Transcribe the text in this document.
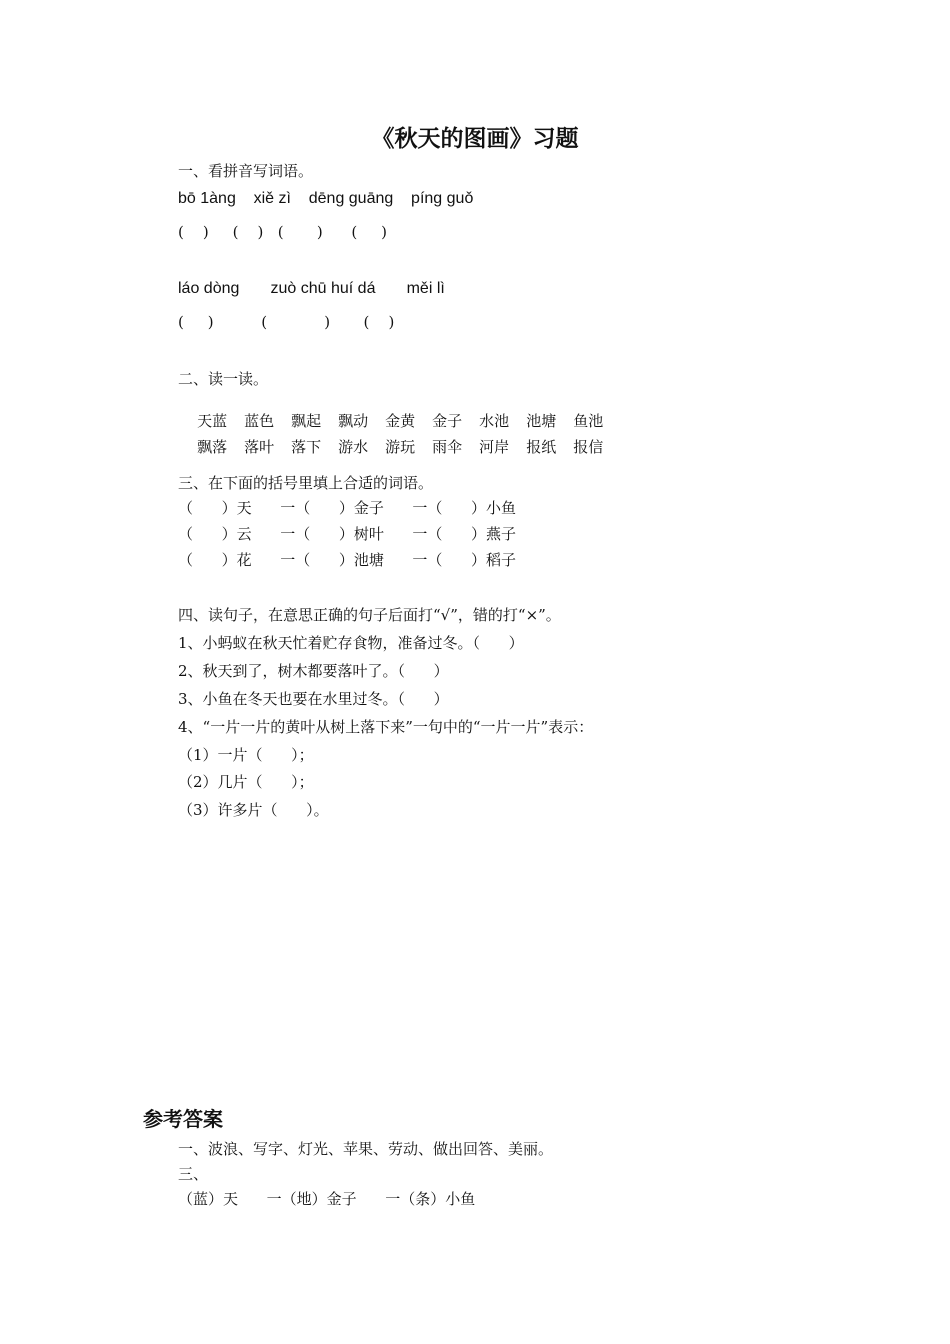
《秋天的图画》习题
一、看拼音写词语。
bō 1àng    xiě zì    dēng guāng    píng guǒ
(    )     (    )   (       )      (     )
láo dòng       zuò chū huí dá       měi lì
(     )          (            )       (    )
二、读一读。

天蓝 蓝色 飘起 飘动 金黄 金子 水池 池塘 鱼池

飘落 落叶 落下 游水 游玩 雨伞 河岸 报纸 报信

三、在下面的括号里填上合适的词语。
（      ）天      一（      ）金子      一（      ）小鱼
（      ）云      一（      ）树叶      一（      ）燕子
（      ）花      一（      ）池塘      一（      ）稻子
四、读句子，在意思正确的句子后面打“√”，错的打“×”。
1、小蚂蚁在秋天忙着贮存食物，准备过冬。（      ）
2、秋天到了，树木都要落叶了。（      ）
3、小鱼在冬天也要在水里过冬。（      ）
4、“一片一片的黄叶从树上落下来”一句中的“一片一片”表示：
（1）一片（      ）；
（2）几片（      ）；
（3）许多片（      ）。
参考答案
一、波浪、写字、灯光、苹果、劳动、做出回答、美丽。
三、
（蓝）天      一（地）金子      一（条）小鱼
